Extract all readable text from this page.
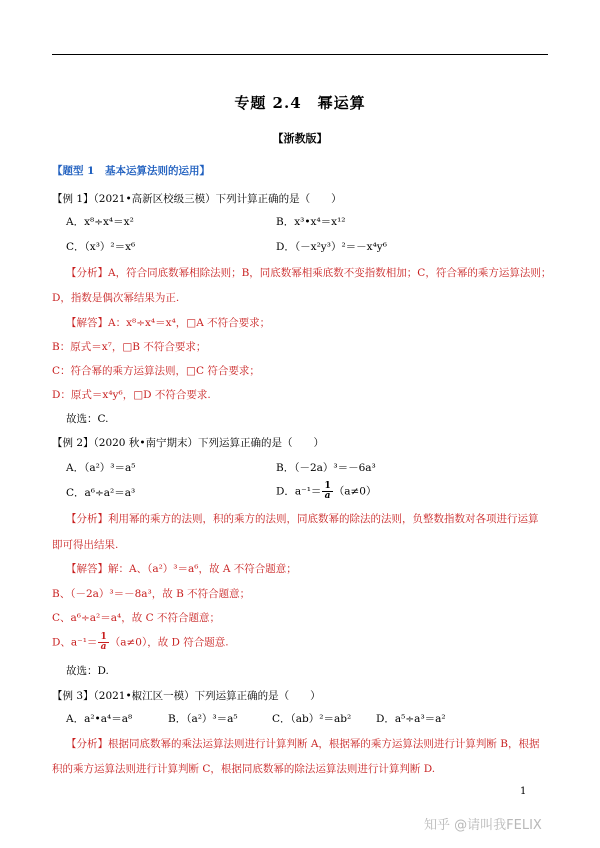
专题 2.4　幂运算
【浙教版】
【题型 1　基本运算法则的运用】
【例 1】（2021•高新区校级三模）下列计算正确的是（　　）
A．x⁸÷x⁴＝x²	B．x³•x⁴＝x¹²
C．（x³）²＝x⁶	D．（－x²y³）²＝－x⁴y⁶
【分析】A，符合同底数幂相除法则；B，同底数幂相乘底数不变指数相加；C，符合幂的乘方运算法则；
D，指数是偶次幂结果为正.
【解答】A：x⁸÷x⁴＝x⁴，□A 不符合要求；
B：原式＝x⁷，□B 不符合要求；
C：符合幂的乘方运算法则，□C 符合要求；
D：原式＝x⁴y⁶，□D 不符合要求.
故选：C.
【例 2】（2020 秋•南宁期末）下列运算正确的是（　　）
A．（a²）³＝a⁵	B．（－2a）³＝－6a³
C．a⁶÷a²＝a³	D．$a^{-1}= \frac{1}{a} (a\ne 0)$
【分析】利用幂的乘方的法则，积的乘方的法则，同底数幂的除法的法则，负整数指数对各项进行运算
即可得出结果.
【解答】解：A、（a²）³＝a⁶，故 A 不符合题意；
B、（－2a）³＝－8a³，故 B 不符合题意；
C、a⁶÷a²＝a⁴，故 C 不符合题意；
D、$a^{-1}= \frac{1}{a} (a\ne 0)$，故 D 符合题意.
故选：D.
【例 3】（2021•椒江区一模）下列运算正确的是（　　）
A．a²•a⁴＝a⁸	B．（a²）³＝a⁵	C．（ab）²＝ab² D．a⁵÷a³＝a²
【分析】根据同底数幂的乘法运算法则进行计算判断 A，根据幂的乘方运算法则进行计算判断 B，根据
积的乘方运算法则进行计算判断 C，根据同底数幂的除法运算法则进行计算判断 D.
1
知乎 @请叫我FELIX
